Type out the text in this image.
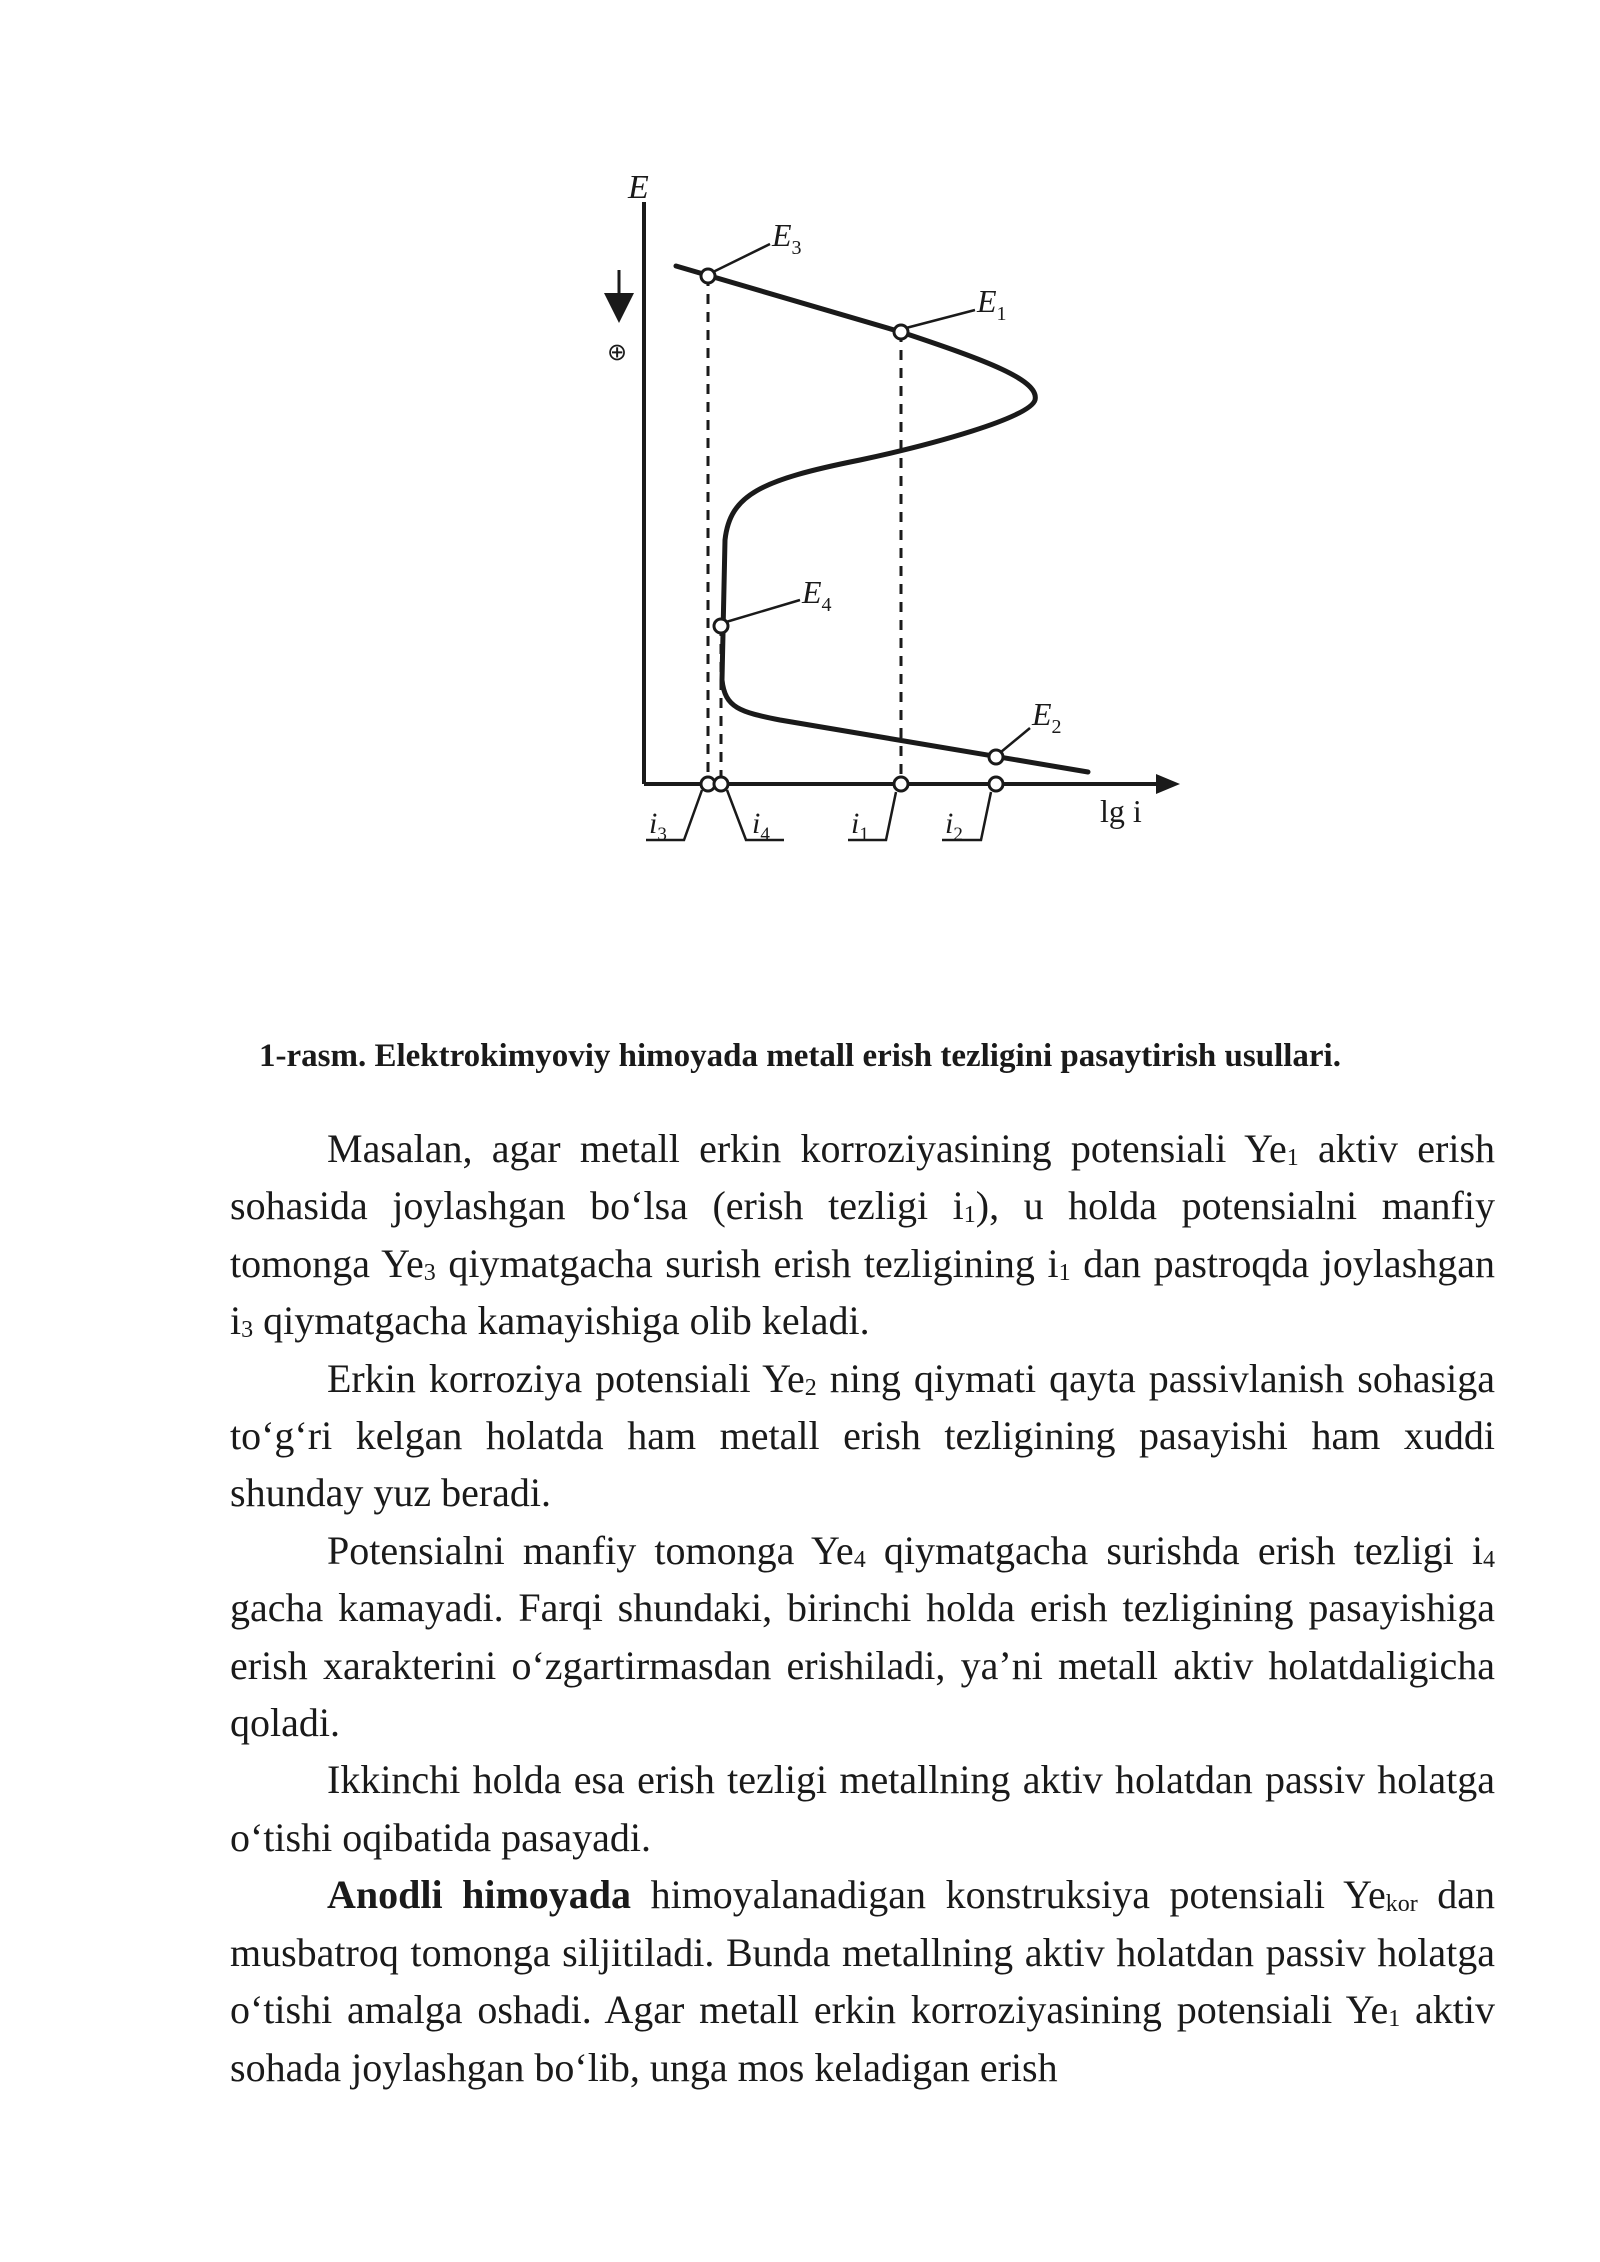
E
lg i
⊕
$E_3$
$E_1$
$E_4$
$E_2$
$i_3$	$i_4$	$i_1$	$i_2$
1-rasm. Elektrokimyoviy himoyada metall erish tezligini pasaytirish usullari.

Masalan, agar metall erkin korroziyasining potensiali $Ye_1$ aktiv erish sohasida joylashgan bo‘lsa (erish tezligi $i_1$), u holda potensialni manfiy tomonga $Ye_3$ qiymatgacha surish erish tezligining $i_1$ dan pastroqda joylashgan $i_3$ qiymatgacha kamayishiga olib keladi.

Erkin korroziya potensiali $Ye_2$ ning qiymati qayta passivlanish sohasiga to‘g‘ri kelgan holatda ham metall erish tezligining pasayishi ham xuddi shunday yuz beradi.

Potensialni manfiy tomonga $Ye_4$ qiymatgacha surishda erish tezligi $i_4$ gacha kamayadi. Farqi shundaki, birinchi holda erish tezligining pasayishiga erish xarakterini o‘zgartirmasdan erishiladi, ya’ni metall aktiv holatdaligicha qoladi.

Ikkinchi holda esa erish tezligi metallning aktiv holatdan passiv holatga o‘tishi oqibatida pasayadi.

Anodli himoyada himoyalanadigan konstruksiya potensiali $Ye_{kor}$ dan musbatroq tomonga siljitiladi. Bunda metallning aktiv holatdan passiv holatga o‘tishi amalga oshadi. Agar metall erkin korroziyasining potensiali $Ye_1$ aktiv sohada joylashgan bo‘lib, unga mos keladigan erish
